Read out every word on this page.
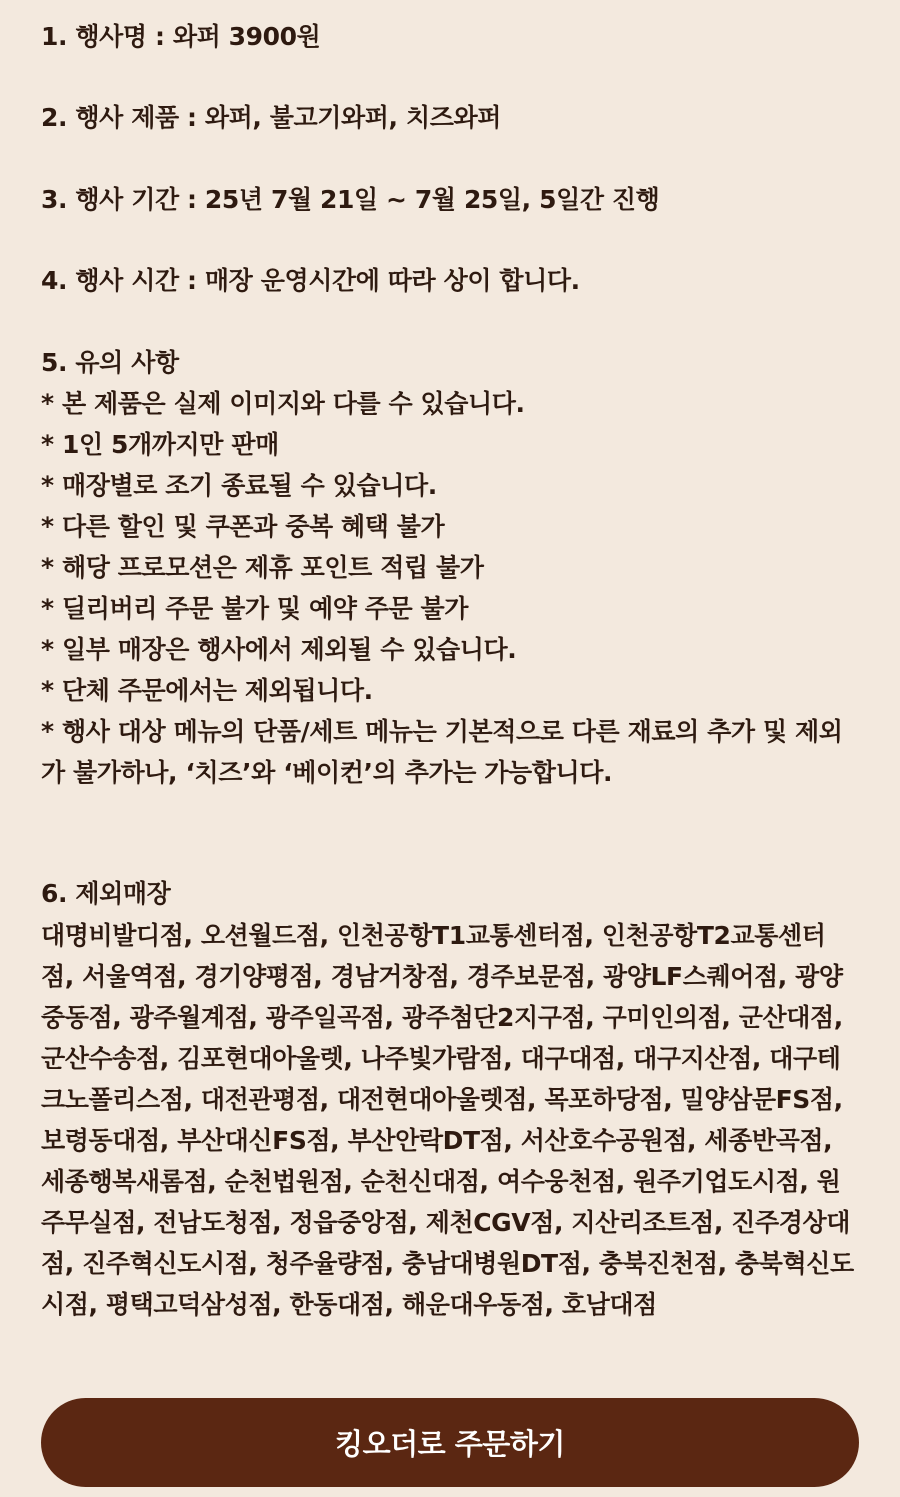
1. 행사명 : 와퍼 3900원
2. 행사 제품 : 와퍼, 불고기와퍼, 치즈와퍼
3. 행사 기간 : 25년 7월 21일 ~ 7월 25일, 5일간 진행
4. 행사 시간 : 매장 운영시간에 따라 상이 합니다.
5. 유의 사항
* 본 제품은 실제 이미지와 다를 수 있습니다.
* 1인 5개까지만 판매
* 매장별로 조기 종료될 수 있습니다.
* 다른 할인 및 쿠폰과 중복 혜택 불가
* 해당 프로모션은 제휴 포인트 적립 불가
* 딜리버리 주문 불가 및 예약 주문 불가
* 일부 매장은 행사에서 제외될 수 있습니다.
* 단체 주문에서는 제외됩니다.
* 행사 대상 메뉴의 단품/세트 메뉴는 기본적으로 다른 재료의 추가 및 제외
가 불가하나, ‘치즈’와 ‘베이컨’의 추가는 가능합니다.
6. 제외매장
대명비발디점, 오션월드점, 인천공항T1교통센터점, 인천공항T2교통센터
점, 서울역점, 경기양평점, 경남거창점, 경주보문점, 광양LF스퀘어점, 광양
중동점, 광주월계점, 광주일곡점, 광주첨단2지구점, 구미인의점, 군산대점,
군산수송점, 김포현대아울렛, 나주빛가람점, 대구대점, 대구지산점, 대구테
크노폴리스점, 대전관평점, 대전현대아울렛점, 목포하당점, 밀양삼문FS점,
보령동대점, 부산대신FS점, 부산안락DT점, 서산호수공원점, 세종반곡점,
세종행복새롬점, 순천법원점, 순천신대점, 여수웅천점, 원주기업도시점, 원
주무실점, 전남도청점, 정읍중앙점, 제천CGV점, 지산리조트점, 진주경상대
점, 진주혁신도시점, 청주율량점, 충남대병원DT점, 충북진천점, 충북혁신도
시점, 평택고덕삼성점, 한동대점, 해운대우동점, 호남대점
킹오더로 주문하기
